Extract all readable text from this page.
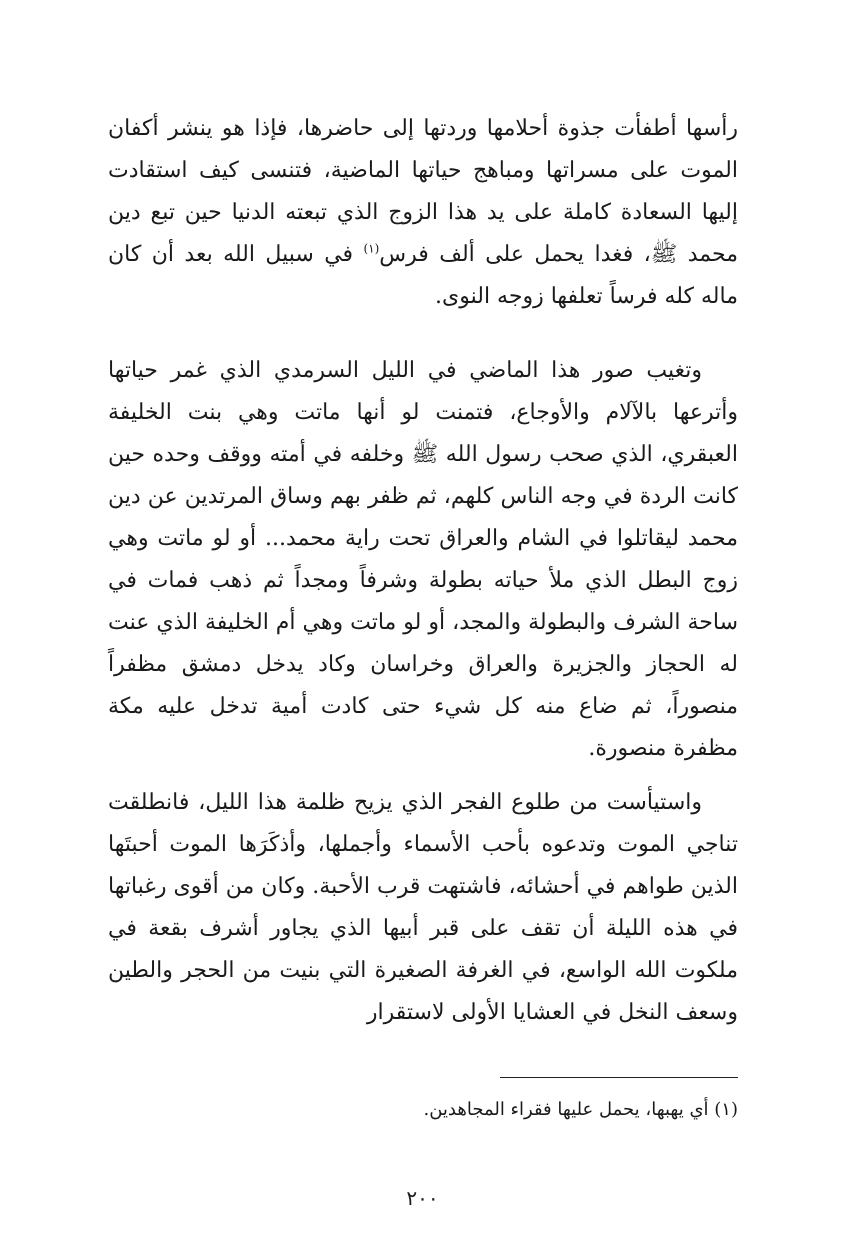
رأسها أطفأت جذوة أحلامها وردتها إلى حاضرها، فإذا هو ينشر أكفان الموت على مسراتها ومباهج حياتها الماضية، فتنسى كيف استقادت إليها السعادة كاملة على يد هذا الزوج الذي تبعته الدنيا حين تبع دين محمد ﷺ، فغدا يحمل على ألف فرس$^{(١)}$ في سبيل الله بعد أن كان ماله كله فرساً تعلفها زوجه النوى.

وتغيب صور هذا الماضي في الليل السرمدي الذي غمر حياتها وأترعها بالآلام والأوجاع، فتمنت لو أنها ماتت وهي بنت الخليفة العبقري، الذي صحب رسول الله ﷺ وخلفه في أمته ووقف وحده حين كانت الردة في وجه الناس كلهم، ثم ظفر بهم وساق المرتدين عن دين محمد ليقاتلوا في الشام والعراق تحت راية محمد... أو لو ماتت وهي زوج البطل الذي ملأ حياته بطولة وشرفاً ومجداً ثم ذهب فمات في ساحة الشرف والبطولة والمجد، أو لو ماتت وهي أم الخليفة الذي عنت له الحجاز والجزيرة والعراق وخراسان وكاد يدخل دمشق مظفراً منصوراً، ثم ضاع منه كل شيء حتى كادت أمية تدخل عليه مكة مظفرة منصورة.

واستيأست من طلوع الفجر الذي يزيح ظلمة هذا الليل، فانطلقت تناجي الموت وتدعوه بأحب الأسماء وأجملها، وأذكَرَها الموت أحبتَها الذين طواهم في أحشائه، فاشتهت قرب الأحبة. وكان من أقوى رغباتها في هذه الليلة أن تقف على قبر أبيها الذي يجاور أشرف بقعة في ملكوت الله الواسع، في الغرفة الصغيرة التي بنيت من الحجر والطين وسعف النخل في العشايا الأولى لاستقرار

(١) أي يهبها، يحمل عليها فقراء المجاهدين.
٢٠٠
